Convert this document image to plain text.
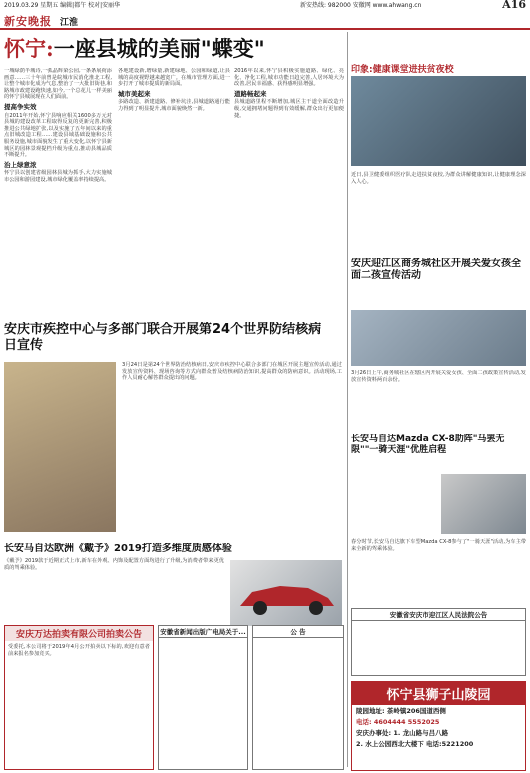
2019.03.29 星期五 编辑|都午 校对|安丽华	新安热线: 982000 安徽网 www.ahwang.cn	A16
新安晚报 江淮
怀宁:一座县城的美丽"蝶变"

一城绿荫半城诗,一弧晶辉染公园,一条条展荷添画意……三十年前曾是皖城市民消化淮北工程,让整个城市化成为气息,整治了一大批旧街巷,和路城市政建设跑快速,如今,一个总花儿一样美丽的怀宁县城展现在人们面前。

提高争实效

自2011年开始,怀宁县响应相关1600多万元对县城的建设改革工程取得反复的更新完善,积极推进公共绿地扩张,以及实施了五年间以来的重点旧城改造工程……建设县域基础设施和公共服务设施,城市面貌发生了重大变化,以怀宁县新城区的园林景观提档升级为重点,推动县城品质不断提升。

治上绿意浓

怀宁县以创建省级园林县城为抓手,大力实施城市公园和游园建设,城市绿化覆盖率持续提高。

各地建设新,增绿量,新建绿地、公园和绿道,让县城的高度视野越来越宽广。在城市管理方面,进一步打开了城市提质的新局面。

城市美起来

多路改造、新建道路、修补坑洼,县城道路通行能力得到了明显提升,城市面貌焕然一新。

2016年以来,怀宁县积极实施道路、绿化、亮化、净化工程,城市功能日趋完善,人居环境大为改善,居民幸福感、获得感明显增强。

道路畅起来

县城道路里程不断增加,城区主干道全面改造升级,交通拥堵问题得到有效缓解,群众出行更加便捷。

安庆市疾控中心与多部门联合开展第24个世界防结核病日宣传

3月24日是第24个世界防治结核病日,安庆市疾控中心联合多部门在城区开展主题宣传活动,通过发放宣传资料、现场咨询等方式向群众普及结核病防治知识,提高群众的防病意识。活动现场,工作人员耐心解答群众提出的问题。

长安马自达欧洲《戴予》2019打造多维度质感体验

《戴予》2019款于近期正式上市,新车在外观、内饰及配置方面均进行了升级,为消费者带来更优质的驾乘体验。

安庆万达拍卖有限公司拍卖公告

受委托,本公司将于2019年4月公开拍卖以下标的,欢迎有意者前来报名参加竞买。

安徽省新闻出版广电局关于...	公 告
印象:健康课堂进扶贫夜校

近日,县卫健委组织医疗队走进扶贫夜校,为群众讲解健康知识,让健康理念深入人心。

安庆迎江区商务城社区开展关爱女孩全面二孩宣传活动

3月26日上午,商务城社区在辖区内开展关爱女孩、全面二孩政策宣传活动,发放宣传资料两百余份。

长安马自达Mazda CX-8助阵"马罢无限""一骑天涯"优胜启程

春分时节,长安马自达旗下车型Mazda CX-8参与了"一骑天涯"活动,为车主带来全新的驾乘体验。

安徽省安庆市迎江区人民法院公告
怀宁县狮子山陵园
陵园地址: 茶岭镇206国道西侧
电话: 4604444 5552025
安庆办事处: 1. 龙山路与吕八路
2. 水上公园西北大楼下 电话:5221200
